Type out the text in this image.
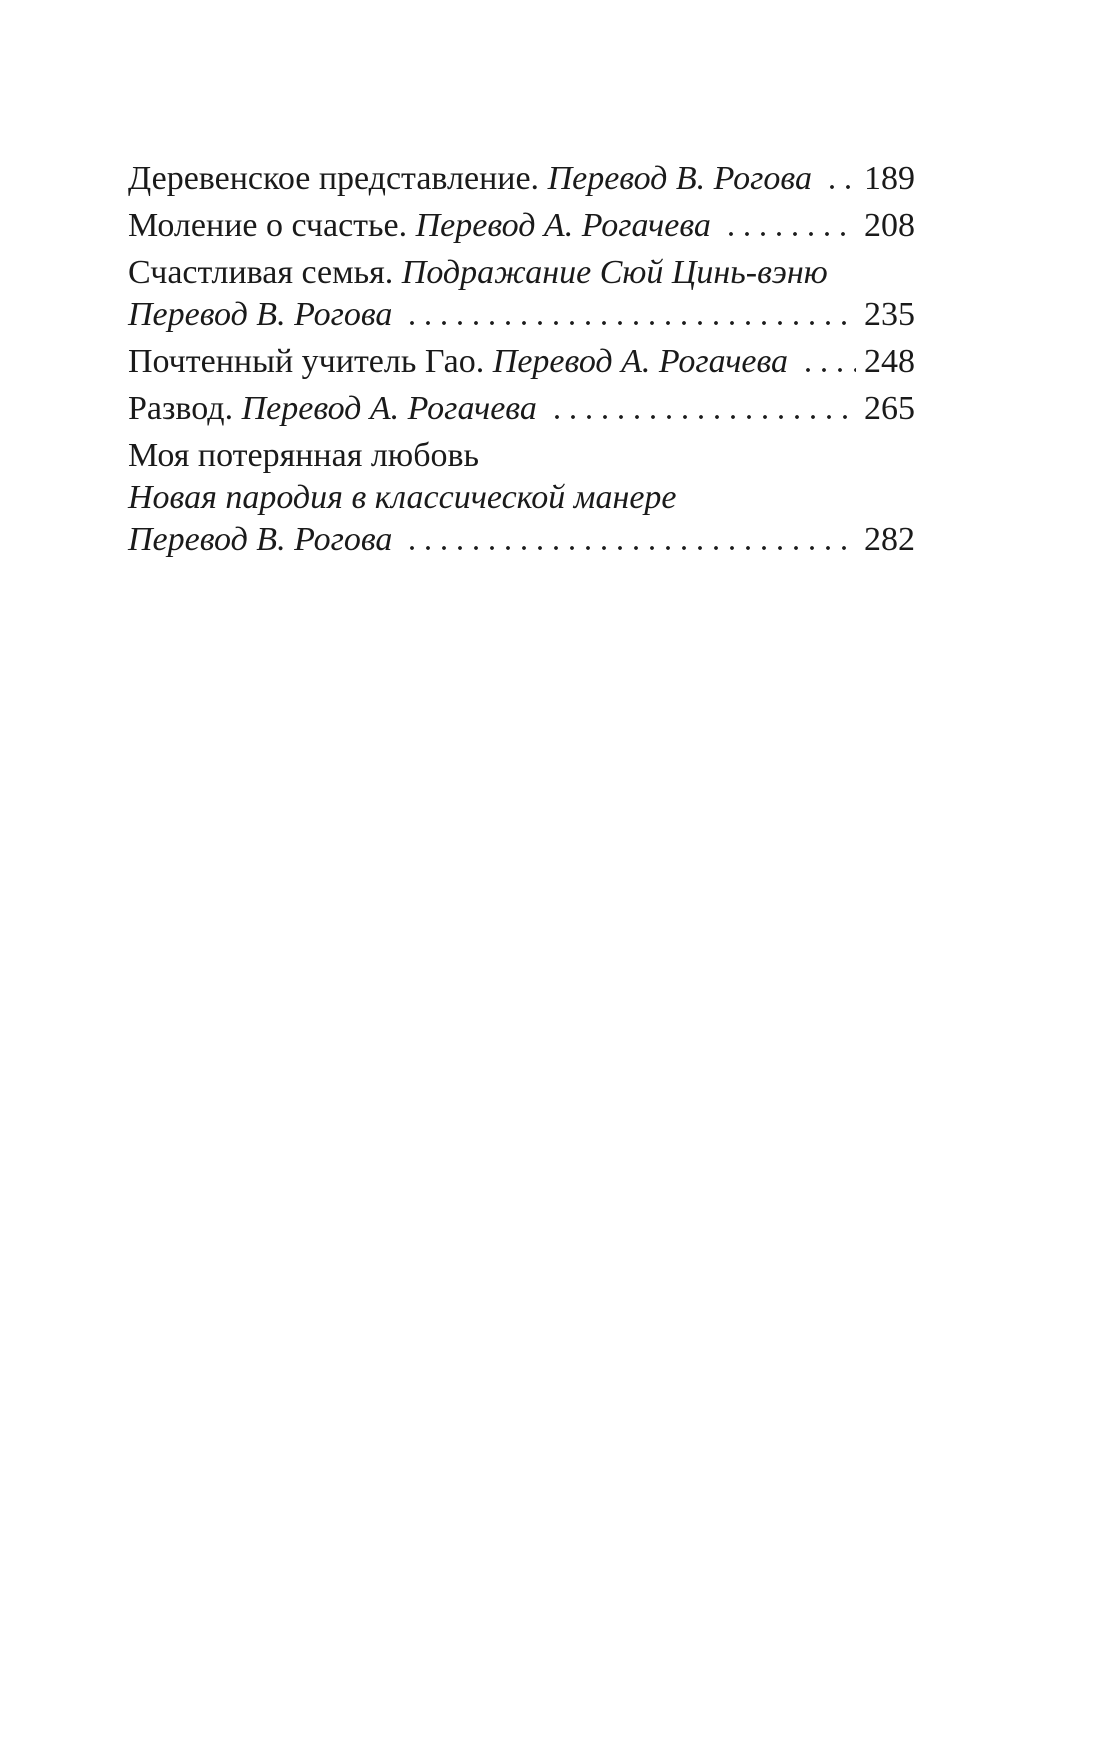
Деревенское представление. Перевод В. Рогова 189
Моление о счастье. Перевод А. Рогачева	208
Счастливая семья. Подражание Сюй Цинь-вэню
Перевод В. Рогова	235
Почтенный учитель Гао. Перевод А. Рогачева 248
Развод. Перевод А. Рогачева	265
Моя потерянная любовь
Новая пародия в классической манере
Перевод В. Рогова	282
